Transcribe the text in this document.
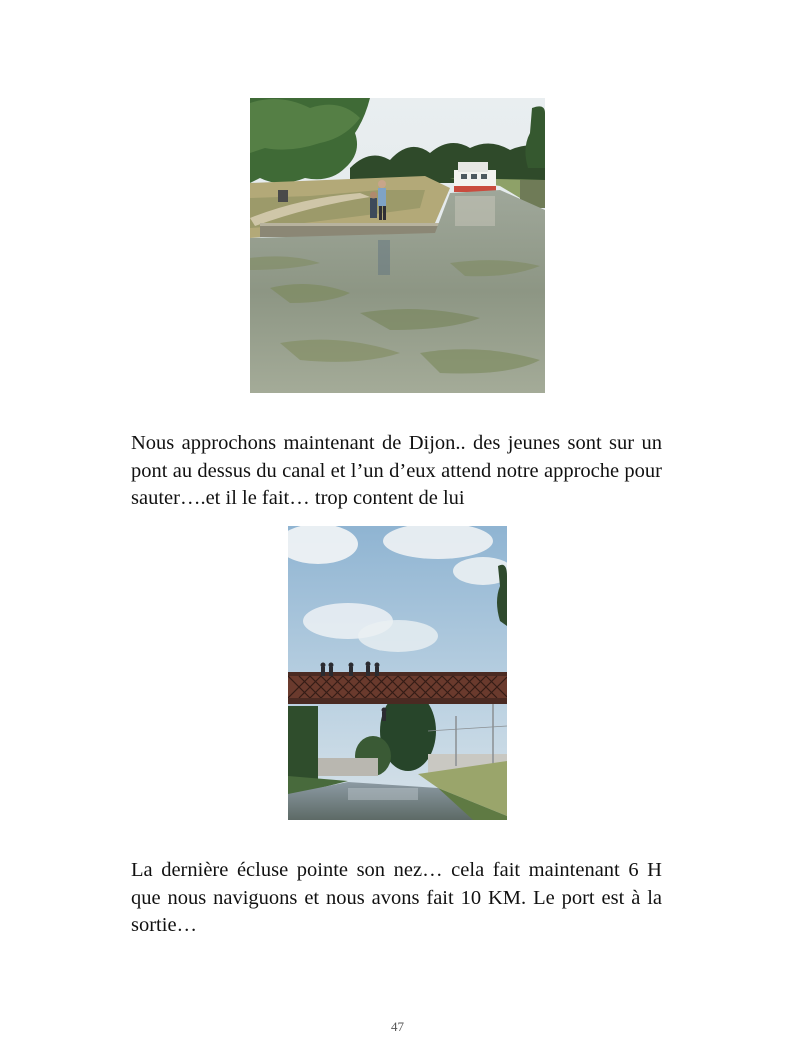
Nous approchons maintenant de Dijon.. des jeunes sont sur un pont au dessus du canal et l’un d’eux attend notre approche pour sauter….et il le fait… trop content de lui

La dernière écluse pointe son nez… cela fait maintenant 6 H que nous naviguons et nous avons fait 10 KM. Le port est à la sortie…

47
